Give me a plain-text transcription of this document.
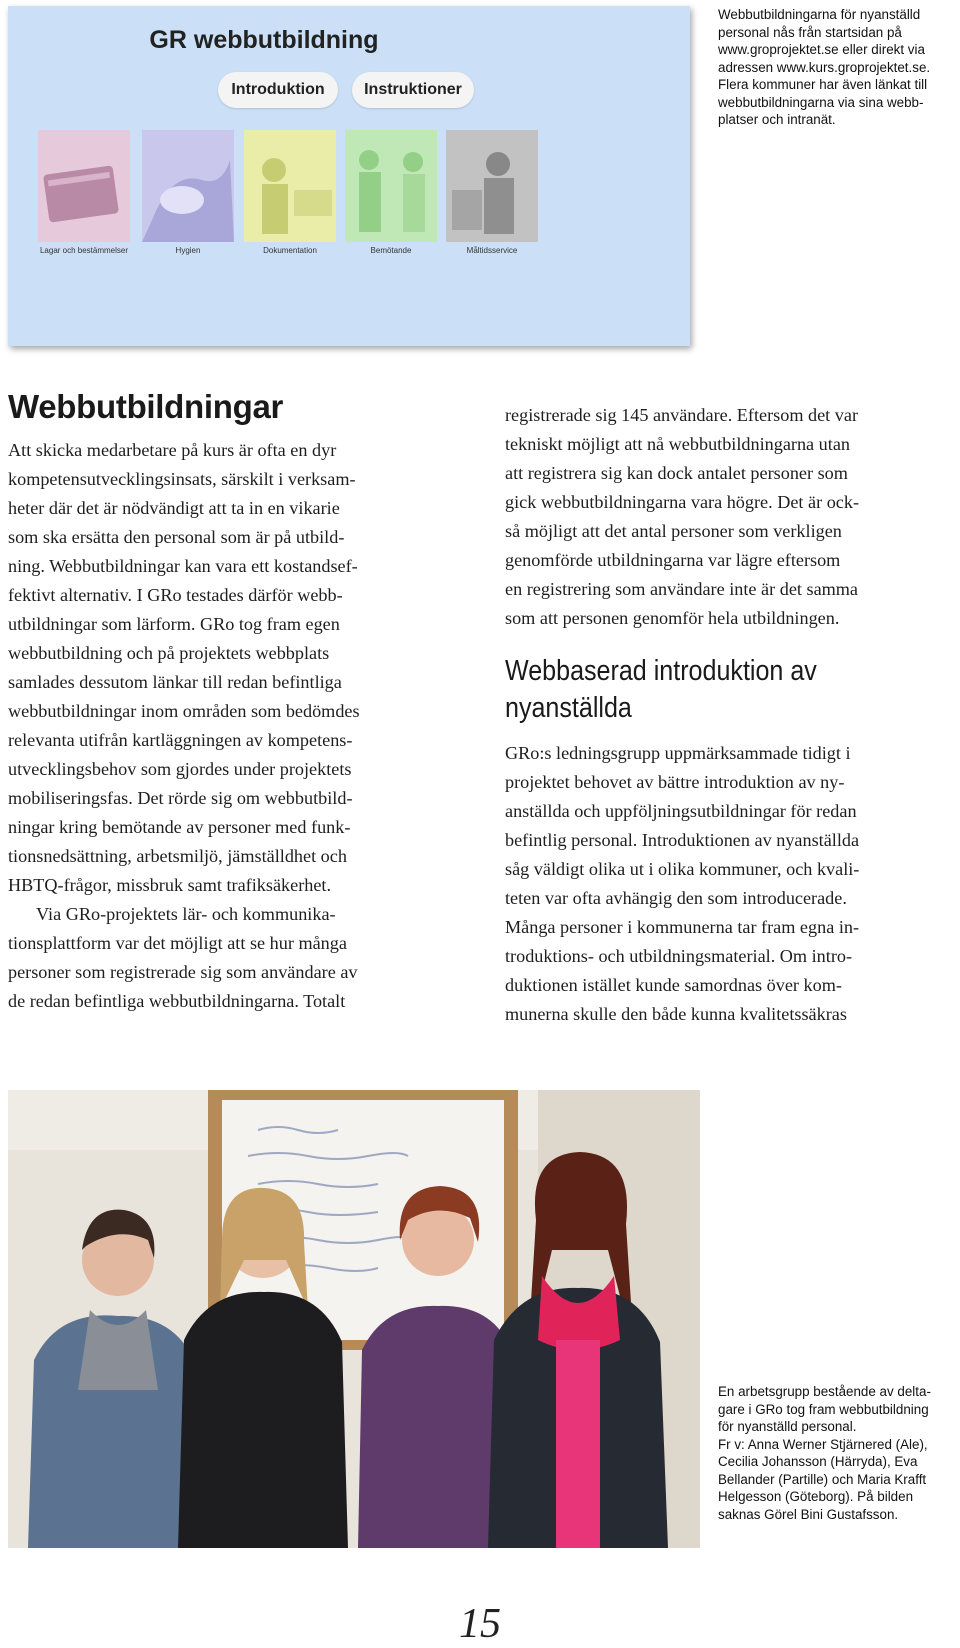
GR webbutbildning
Introduktion	Instruktioner
Lagar och bestämmelser	Hygien	Dokumentation	Bemötande	Måltidsservice
Webbutbildningarna för nyanställd
personal nås från startsidan på
www.groprojektet.se eller direkt via
adressen www.kurs.groprojektet.se.
Flera kommuner har även länkat till
webbutbildningarna via sina webb-
platser och intranät.
Webbutbildningar
Att skicka medarbetare på kurs är ofta en dyr
kompetensutvecklingsinsats, särskilt i verksam-
heter där det är nödvändigt att ta in en vikarie
som ska ersätta den personal som är på utbild-
ning. Webbutbildningar kan vara ett kostandsef-
fektivt alternativ. I GRo testades därför webb-
utbildningar som lärform. GRo tog fram egen
webbutbildning och på projektets webbplats
samlades dessutom länkar till redan befintliga
webbutbildningar inom områden som bedömdes
relevanta utifrån kartläggningen av kompetens-
utvecklingsbehov som gjordes under projektets
mobiliseringsfas. Det rörde sig om webbutbild-
ningar kring bemötande av personer med funk-
tionsnedsättning, arbetsmiljö, jämställdhet och
HBTQ-frågor, missbruk samt trafiksäkerhet.
Via GRo-projektets lär- och kommunika-
tionsplattform var det möjligt att se hur många
personer som registrerade sig som användare av
de redan befintliga webbutbildningarna. Totalt
registrerade sig 145 användare. Eftersom det var
tekniskt möjligt att nå webbutbildningarna utan
att registrera sig kan dock antalet personer som
gick webbutbildningarna vara högre. Det är ock-
så möjligt att det antal personer som verkligen
genomförde utbildningarna var lägre eftersom
en registrering som användare inte är det samma
som att personen genomför hela utbildningen.
Webbaserad introduktion av
nyanställda
GRo:s ledningsgrupp uppmärksammade tidigt i
projektet behovet av bättre introduktion av ny-
anställda och uppföljningsutbildningar för redan
befintlig personal. Introduktionen av nyanställda
såg väldigt olika ut i olika kommuner, och kvali-
teten var ofta avhängig den som introducerade.
Många personer i kommunerna tar fram egna in-
troduktions- och utbildningsmaterial. Om intro-
duktionen istället kunde samordnas över kom-
munerna skulle den både kunna kvalitetssäkras
En arbetsgrupp bestående av delta-
gare i GRo tog fram webbutbildning
för nyanställd personal.
Fr v: Anna Werner Stjärnered (Ale),
Cecilia Johansson (Härryda), Eva
Bellander (Partille) och Maria Krafft
Helgesson (Göteborg). På bilden
saknas Görel Bini Gustafsson.
15
